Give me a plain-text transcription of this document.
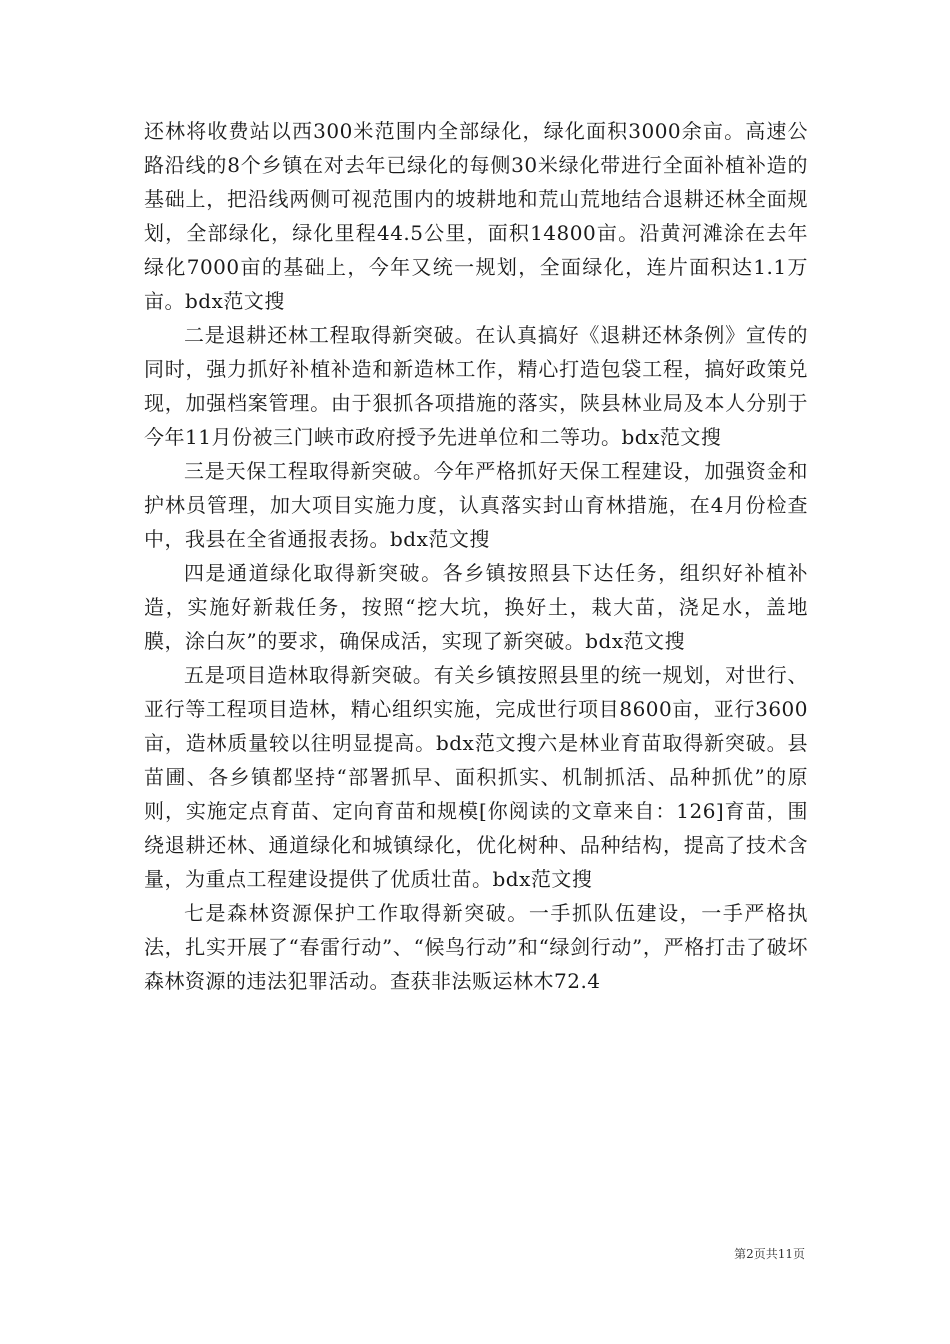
还林将收费站以西300米范围内全部绿化，绿化面积3000余亩。高速公路沿线的8个乡镇在对去年已绿化的每侧30米绿化带进行全面补植补造的基础上，把沿线两侧可视范围内的坡耕地和荒山荒地结合退耕还林全面规划，全部绿化，绿化里程44.5公里，面积14800亩。沿黄河滩涂在去年绿化7000亩的基础上，今年又统一规划，全面绿化，连片面积达1.1万亩。bdx范文搜

二是退耕还林工程取得新突破。在认真搞好《退耕还林条例》宣传的同时，强力抓好补植补造和新造林工作，精心打造包袋工程，搞好政策兑现，加强档案管理。由于狠抓各项措施的落实，陕县林业局及本人分别于今年11月份被三门峡市政府授予先进单位和二等功。bdx范文搜

三是天保工程取得新突破。今年严格抓好天保工程建设，加强资金和护林员管理，加大项目实施力度，认真落实封山育林措施，在4月份检查中，我县在全省通报表扬。bdx范文搜

四是通道绿化取得新突破。各乡镇按照县下达任务，组织好补植补造，实施好新栽任务，按照“挖大坑，换好土，栽大苗，浇足水，盖地膜，涂白灰”的要求，确保成活，实现了新突破。bdx范文搜

五是项目造林取得新突破。有关乡镇按照县里的统一规划，对世行、亚行等工程项目造林，精心组织实施，完成世行项目8600亩，亚行3600亩，造林质量较以往明显提高。bdx范文搜六是林业育苗取得新突破。县苗圃、各乡镇都坚持“部署抓早、面积抓实、机制抓活、品种抓优”的原则，实施定点育苗、定向育苗和规模[你阅读的文章来自：126]育苗，围绕退耕还林、通道绿化和城镇绿化，优化树种、品种结构，提高了技术含量，为重点工程建设提供了优质壮苗。bdx范文搜

七是森林资源保护工作取得新突破。一手抓队伍建设，一手严格执法，扎实开展了“春雷行动”、“候鸟行动”和“绿剑行动”，严格打击了破坏森林资源的违法犯罪活动。查获非法贩运林木72.4

第2页共11页
